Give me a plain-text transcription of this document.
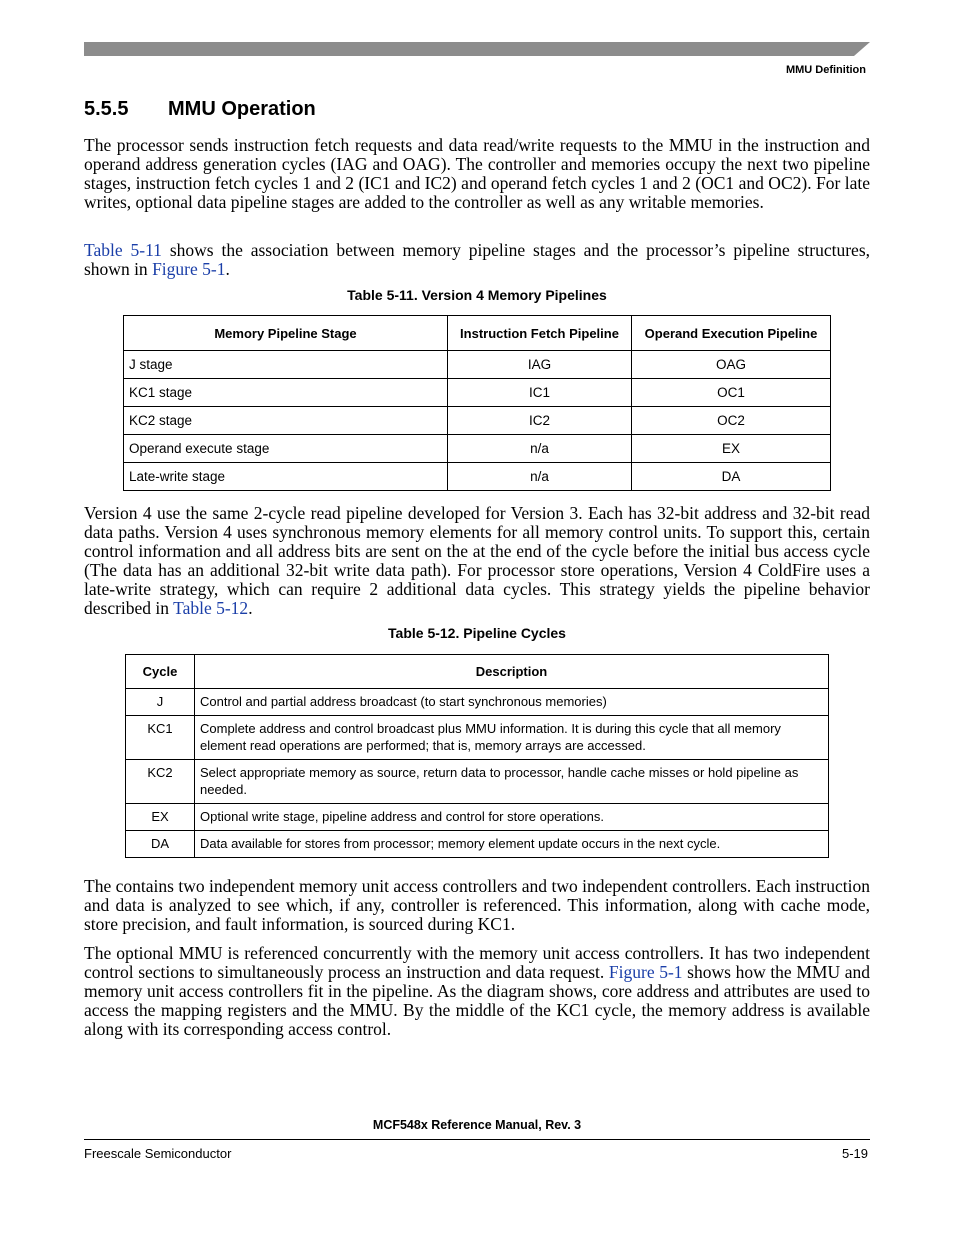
MMU Definition
5.5.5 MMU Operation

The processor sends instruction fetch requests and data read/write requests to the MMU in the instruction and operand address generation cycles (IAG and OAG). The controller and memories occupy the next two pipeline stages, instruction fetch cycles 1 and 2 (IC1 and IC2) and operand fetch cycles 1 and 2 (OC1 and OC2). For late writes, optional data pipeline stages are added to the controller as well as any writable memories.

Table 5-11 shows the association between memory pipeline stages and the processor’s pipeline structures, shown in Figure 5-1.

Table 5-11. Version 4 Memory Pipelines
Memory Pipeline Stage	Instruction Fetch Pipeline	Operand Execution Pipeline
J stage	IAG	OAG
KC1 stage	IC1	OC1
KC2 stage	IC2	OC2
Operand execute stage	n/a	EX
Late-write stage	n/a	DA

Version 4 use the same 2-cycle read pipeline developed for Version 3. Each has 32-bit address and 32-bit read data paths. Version 4 uses synchronous memory elements for all memory control units. To support this, certain control information and all address bits are sent on the at the end of the cycle before the initial bus access cycle (The data has an additional 32-bit write data path). For processor store operations, Version 4 ColdFire uses a late-write strategy, which can require 2 additional data cycles. This strategy yields the pipeline behavior described in Table 5-12.

Table 5-12. Pipeline Cycles
Cycle	Description
J	Control and partial address broadcast (to start synchronous memories)
KC1	Complete address and control broadcast plus MMU information. It is during this cycle that all memory element read operations are performed; that is, memory arrays are accessed.
KC2	Select appropriate memory as source, return data to processor, handle cache misses or hold pipeline as needed.
EX	Optional write stage, pipeline address and control for store operations.
DA	Data available for stores from processor; memory element update occurs in the next cycle.

The contains two independent memory unit access controllers and two independent controllers. Each instruction and data is analyzed to see which, if any, controller is referenced. This information, along with cache mode, store precision, and fault information, is sourced during KC1.

The optional MMU is referenced concurrently with the memory unit access controllers. It has two independent control sections to simultaneously process an instruction and data request. Figure 5-1 shows how the MMU and memory unit access controllers fit in the pipeline. As the diagram shows, core address and attributes are used to access the mapping registers and the MMU. By the middle of the KC1 cycle, the memory address is available along with its corresponding access control.

MCF548x Reference Manual, Rev. 3
Freescale Semiconductor	5-19
